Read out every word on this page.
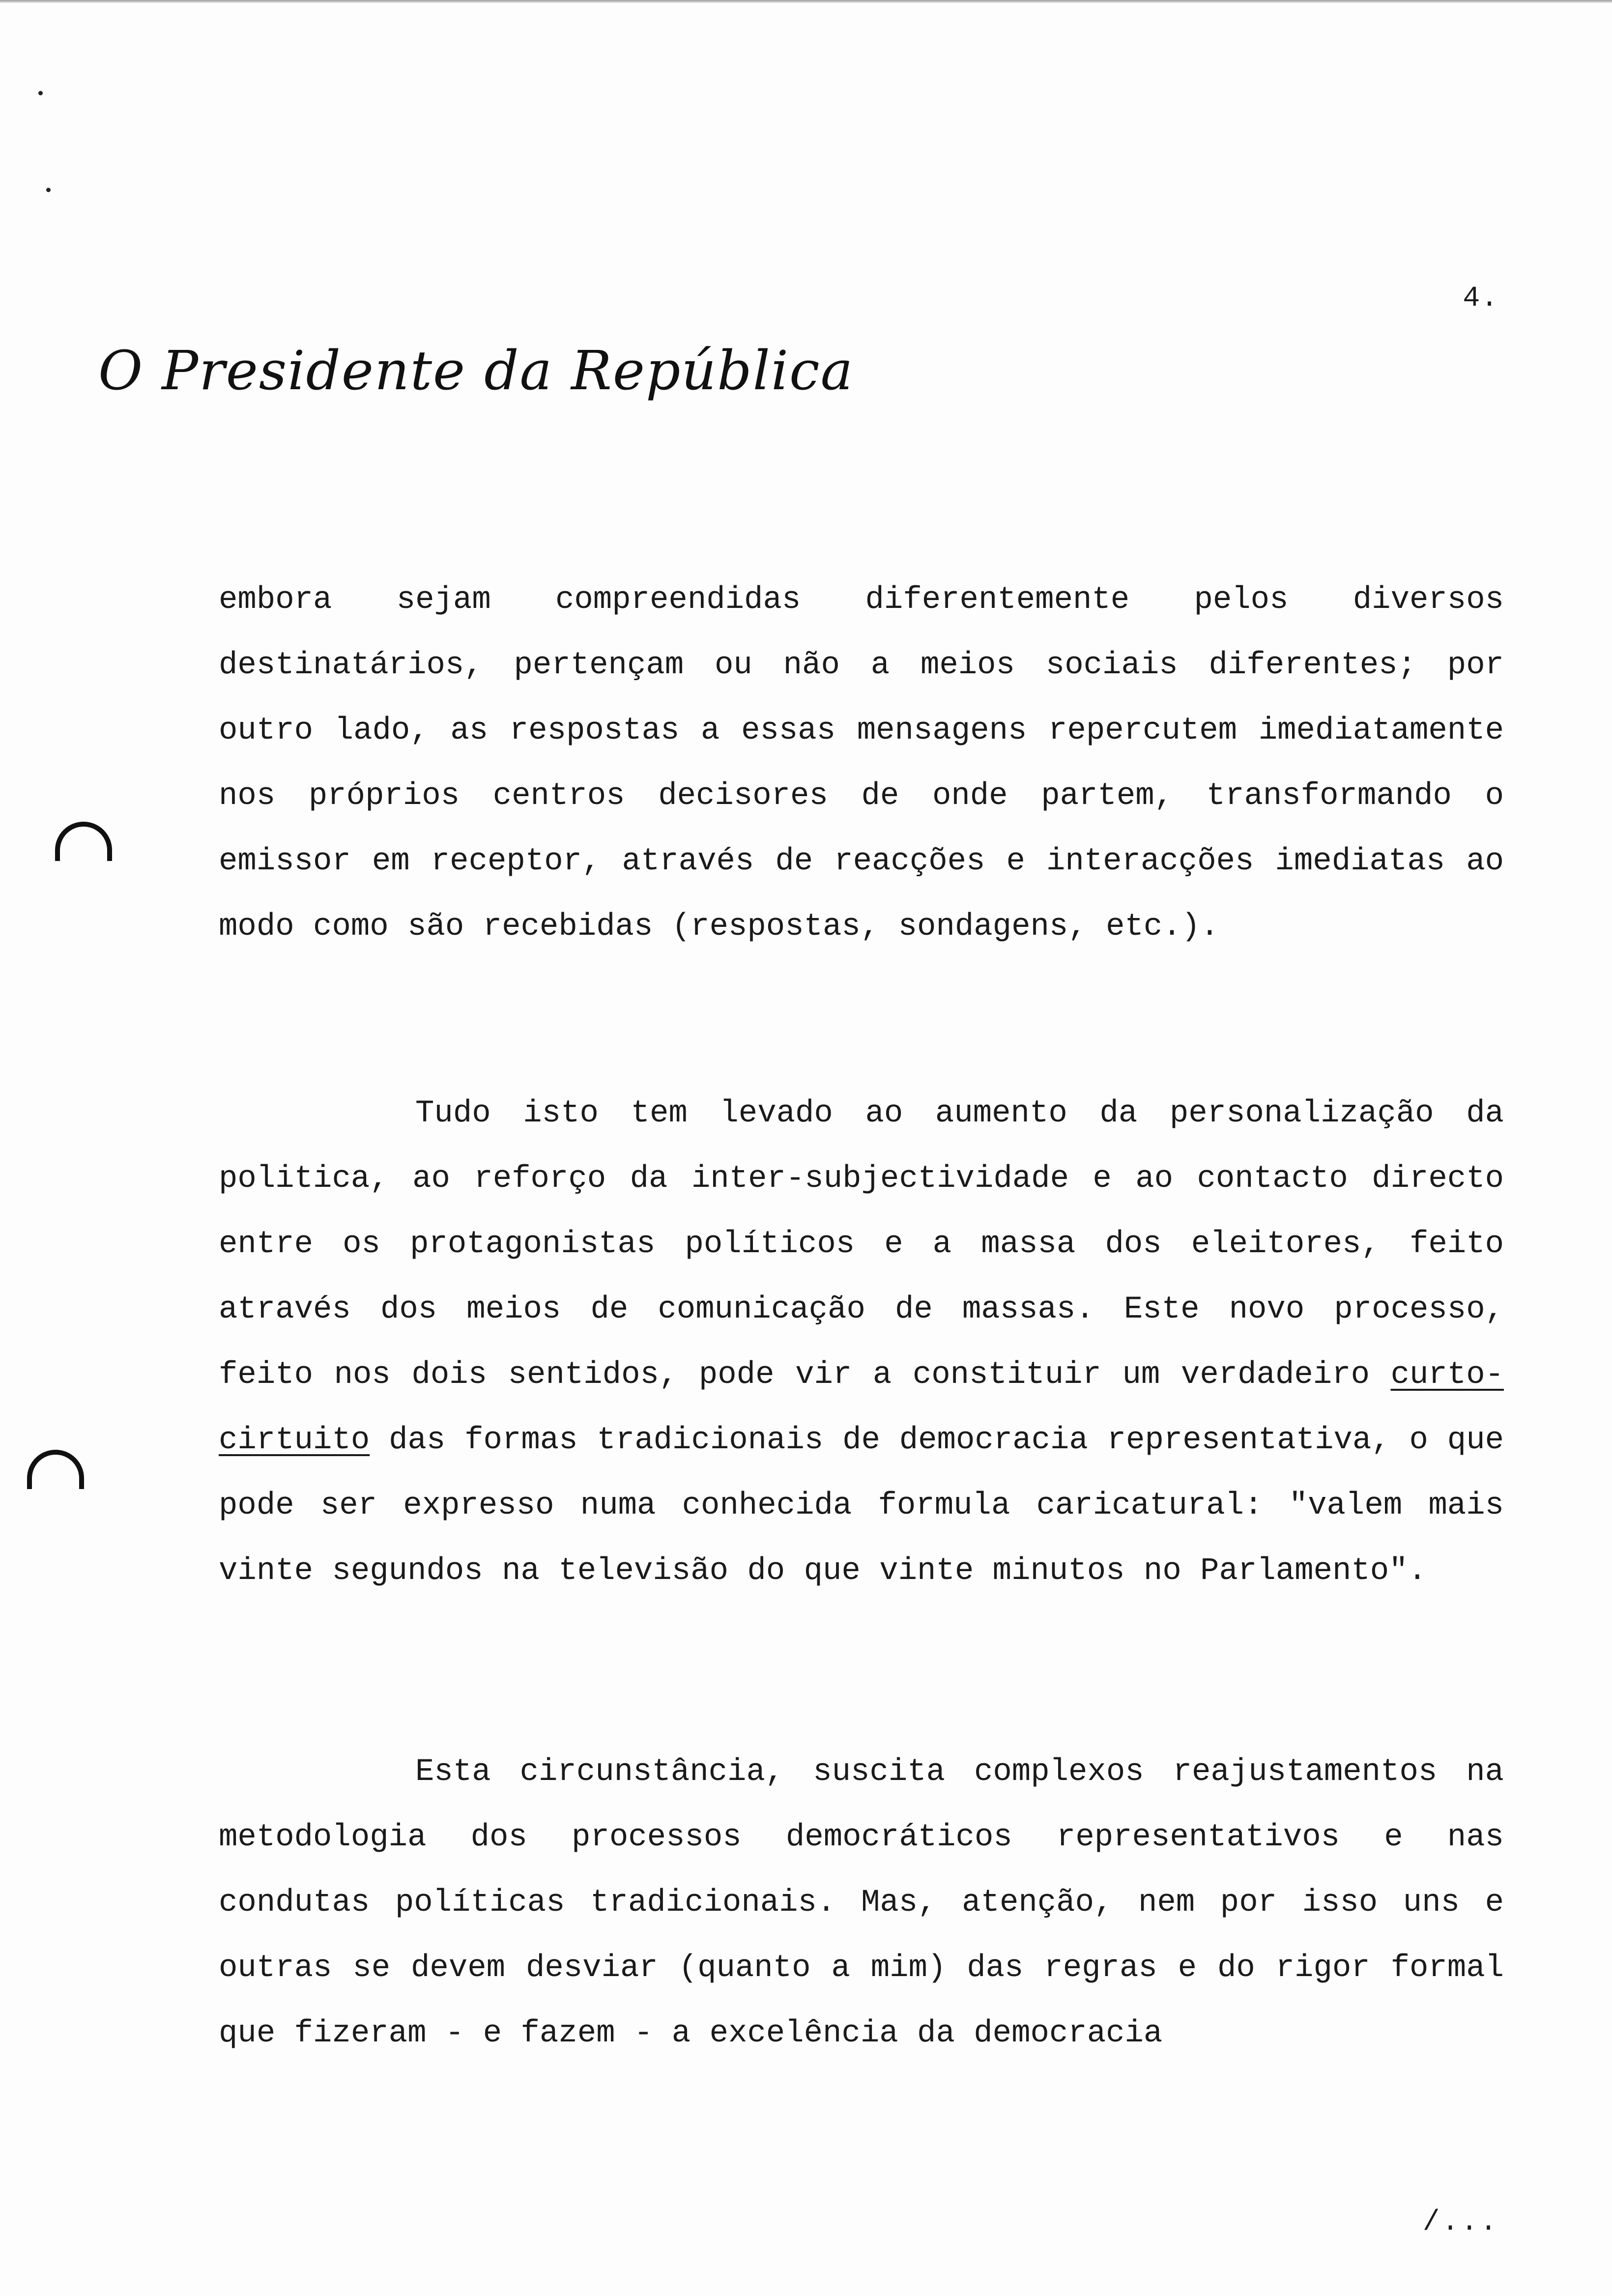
4.
O Presidente da República

embora sejam compreendidas diferentemente pelos diversos destinatários, pertençam ou não a meios sociais diferentes; por outro lado, as respostas a essas mensagens repercutem imediatamente nos próprios centros decisores de onde partem, transformando o emissor em receptor, através de reacções e interacções imediatas ao modo como são recebidas (respostas, sondagens, etc.).

Tudo isto tem levado ao aumento da personalização da politica, ao reforço da inter-subjectividade e ao contacto directo entre os protagonistas políticos e a massa dos eleitores, feito através dos meios de comunicação de massas. Este novo processo, feito nos dois sentidos, pode vir a constituir um verdadeiro curto-cirtuito das formas tradicionais de democracia representativa, o que pode ser expresso numa conhecida formula caricatural: "valem mais vinte segundos na televisão do que vinte minutos no Parlamento".

Esta circunstância, suscita complexos reajustamentos na metodologia dos processos democráticos representativos e nas condutas políticas tradicionais. Mas, atenção, nem por isso uns e outras se devem desviar (quanto a mim) das regras e do rigor formal que fizeram - e fazem - a excelência da democracia

/...
